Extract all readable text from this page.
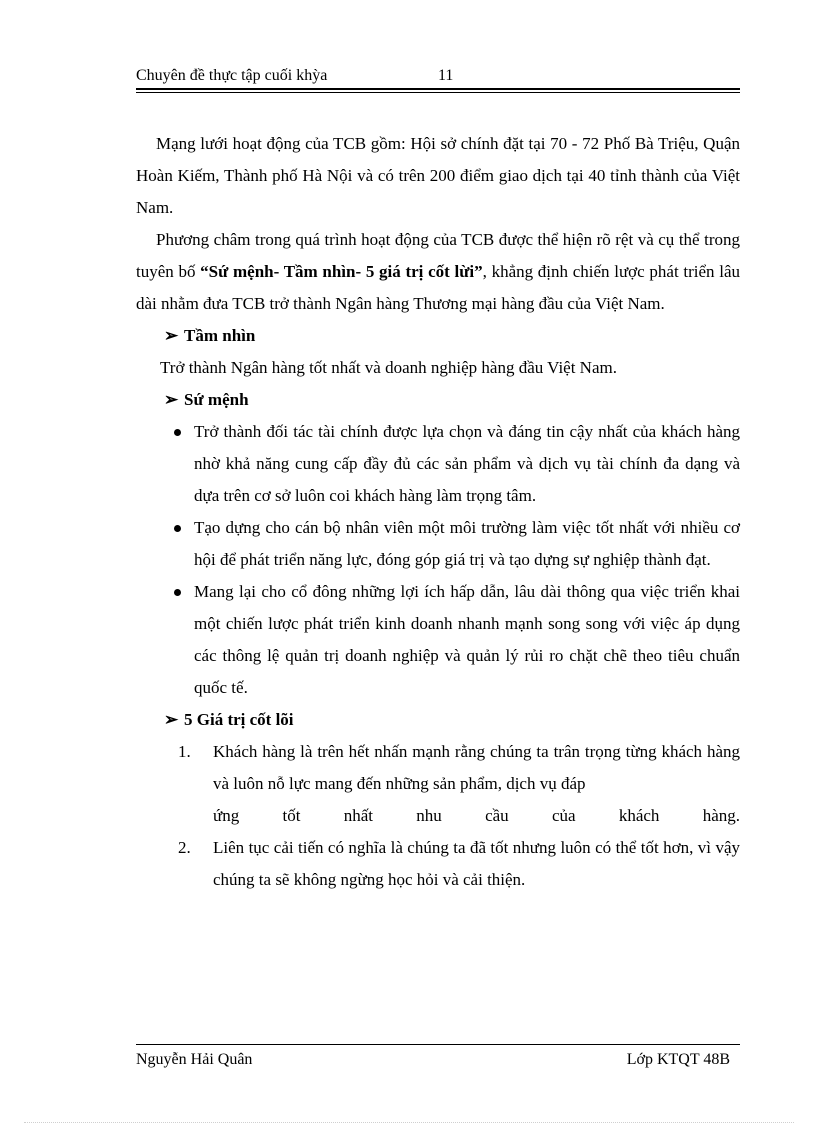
Chuyên đề thực tập cuối khỳa	11

Mạng lưới hoạt động của TCB gồm: Hội sở chính đặt tại 70 - 72 Phố Bà Triệu, Quận Hoàn Kiếm, Thành phố Hà Nội và có trên 200 điểm giao dịch tại 40 tỉnh thành của Việt Nam.

Phương châm trong quá trình hoạt động của TCB được thể hiện rõ rệt và cụ thể trong tuyên bố “Sứ mệnh- Tầm nhìn- 5 giá trị cốt lừi”, khẳng định chiến lược phát triển lâu dài nhằm đưa TCB trở thành Ngân hàng Thương mại hàng đầu của Việt Nam.

➢ Tầm nhìn
Trở thành Ngân hàng tốt nhất và doanh nghiệp hàng đầu Việt Nam.
➢ Sứ mệnh
Trở thành đối tác tài chính được lựa chọn và đáng tin cậy nhất của khách hàng nhờ khả năng cung cấp đầy đủ các sản phẩm và dịch vụ tài chính đa dạng và dựa trên cơ sở luôn coi khách hàng làm trọng tâm.
Tạo dựng cho cán bộ nhân viên một môi trường làm việc tốt nhất với nhiều cơ hội để phát triển năng lực, đóng góp giá trị và tạo dựng sự nghiệp thành đạt.
Mang lại cho cổ đông những lợi ích hấp dẫn, lâu dài thông qua việc triển khai một chiến lược phát triển kinh doanh nhanh mạnh song song với việc áp dụng các thông lệ quản trị doanh nghiệp và quản lý rủi ro chặt chẽ theo tiêu chuẩn quốc tế.
➢ 5 Giá trị cốt lõi
1. Khách hàng là trên hết nhấn mạnh rằng chúng ta trân trọng từng khách hàng và luôn nỗ lực mang đến những sản phẩm, dịch vụ đáp
ứng tốt nhất nhu cầu của khách hàng.
2. Liên tục cải tiến có nghĩa là chúng ta đã tốt nhưng luôn có thể tốt hơn, vì vậy chúng ta sẽ không ngừng học hỏi và cải thiện.
Nguyễn Hải Quân	Lớp KTQT 48B
